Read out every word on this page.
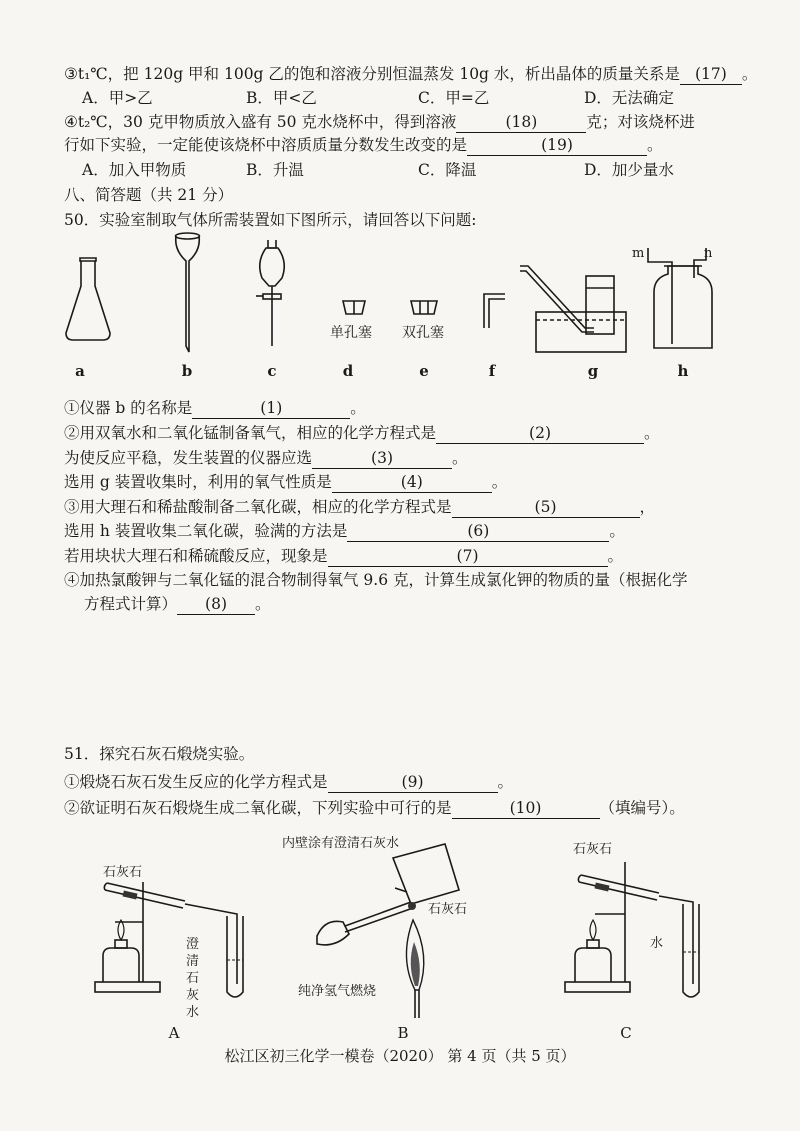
③t₁℃，把 120g 甲和 100g 乙的饱和溶液分别恒温蒸发 10g 水，析出晶体的质量关系是 (17) 。
A．甲>乙	B．甲<乙	C．甲=乙	D．无法确定
④t₂℃，30 克甲物质放入盛有 50 克水烧杯中，得到溶液	(18)	克；对该烧杯进
行如下实验，一定能使该烧杯中溶质质量分数发生改变的是	(19)	。
A．加入甲物质	B．升温	C．降温	D．加少量水
八、简答题（共 21 分）
50．实验室制取气体所需装置如下图所示，请回答以下问题:
m	n
单孔塞 双孔塞
a	b	c	d	e	f	g	h
①仪器 b 的名称是	(1)	。
②用双氧水和二氧化锰制备氧气，相应的化学方程式是	(2)	。
为使反应平稳，发生装置的仪器应选	(3)	。
选用 g 装置收集时，利用的氧气性质是	(4)	。
③用大理石和稀盐酸制备二氧化碳，相应的化学方程式是	(5)	，
选用 h 装置收集二氧化碳，验满的方法是	(6)	。
若用块状大理石和稀硫酸反应，现象是	(7)	。
④加热氯酸钾与二氧化锰的混合物制得氧气 9.6 克，计算生成氯化钾的物质的量（根据化学
方程式计算） (8) 。
51．探究石灰石煅烧实验。
①煅烧石灰石发生反应的化学方程式是	(9)	。
②欲证明石灰石煅烧生成二氧化碳，下列实验中可行的是	(10)	（填编号）。
石灰石
澄清石灰水
内壁涂有澄清石灰水
石灰石
纯净氢气燃烧
石灰石
水
A	B	C
松江区初三化学一模卷（2020） 第 4 页（共 5 页）
